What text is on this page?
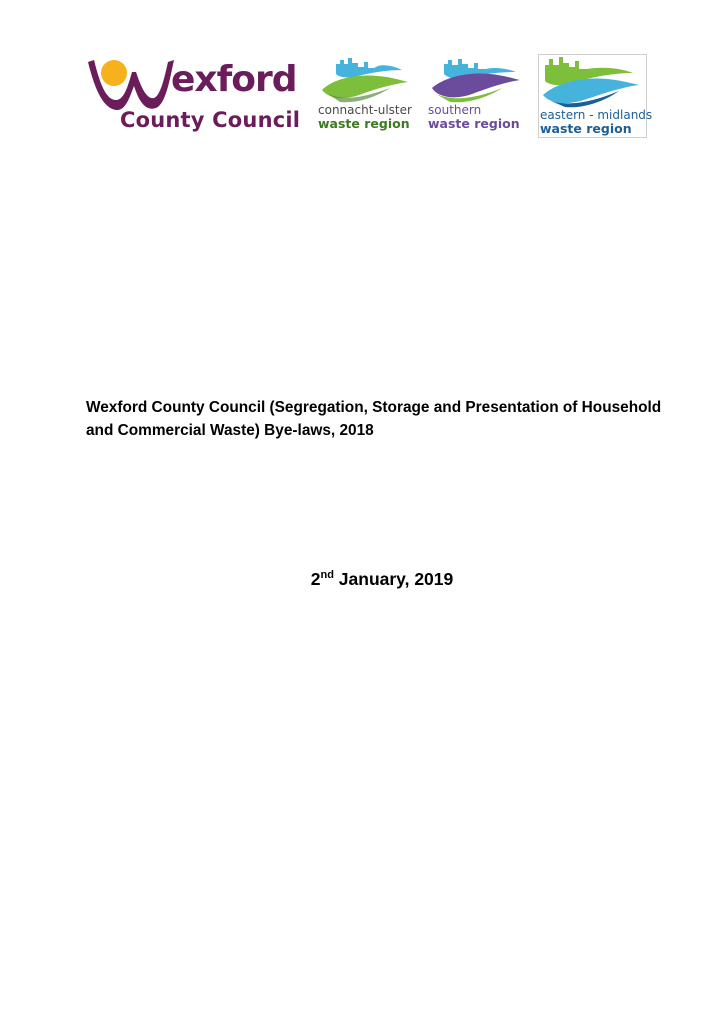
exford
County Council connacht-ulster
waste region
southern
waste region
eastern - midlands
waste region

Wexford County Council (Segregation, Storage and Presentation of Household and Commercial Waste) Bye-laws, 2018

2nd January, 2019
